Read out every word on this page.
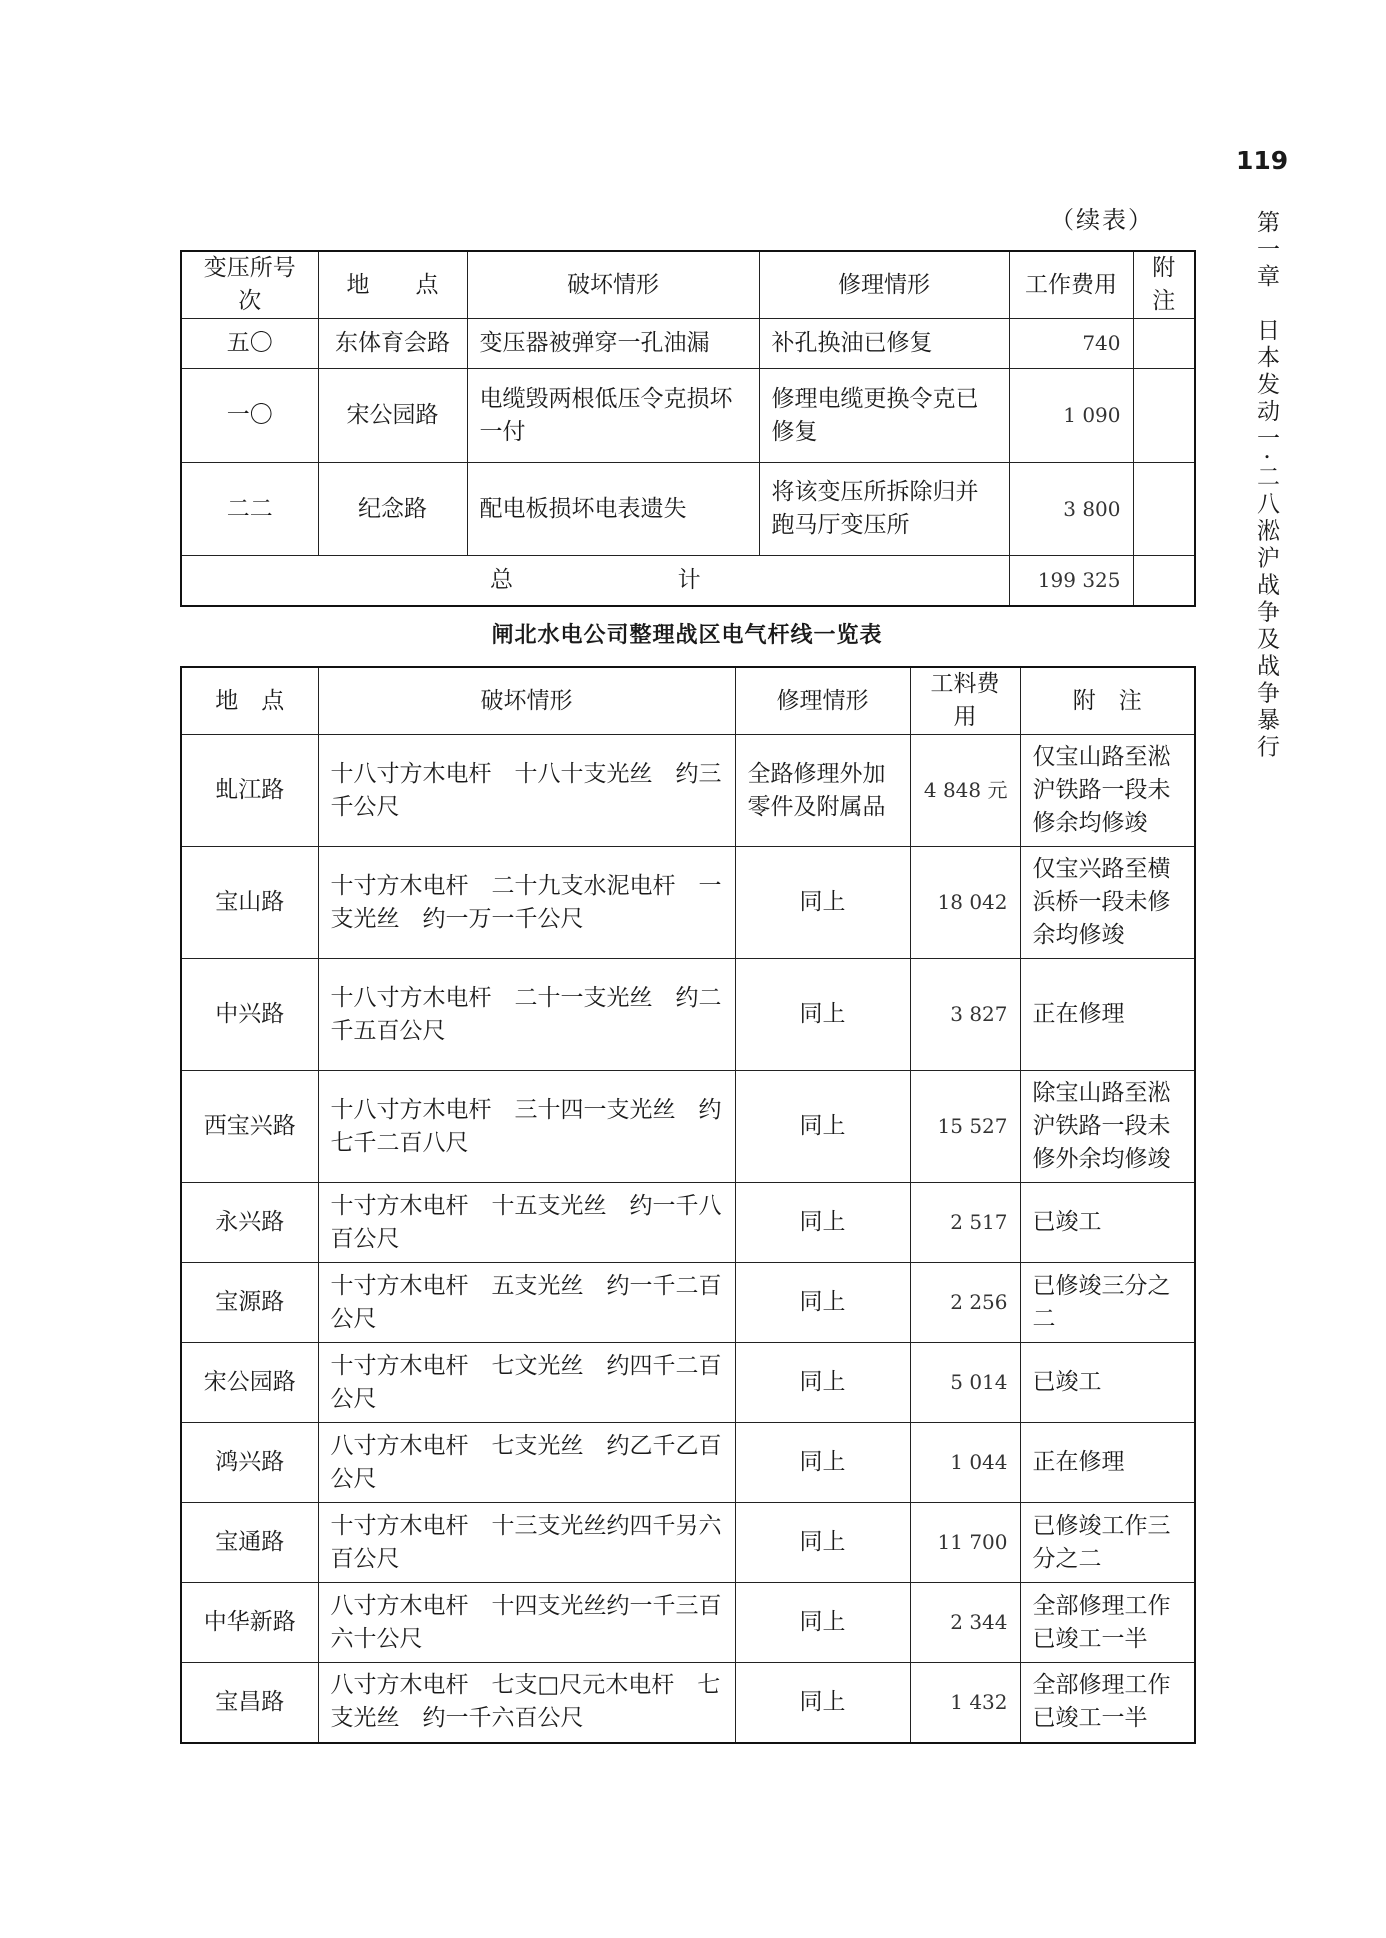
119
第一章　日本发动一·二八淞沪战争及战争暴行
（续表）
变压所号次	地　　点	破坏情形	修理情形	工作费用	附注
五〇	东体育会路	变压器被弹穿一孔油漏	补孔换油已修复	740	
一〇	宋公园路	电缆毁两根低压令克损坏一付	修理电缆更换令克已修复	1 090	
二二	纪念路	配电板损坏电表遗失	将该变压所拆除归并跑马厅变压所	3 800	
总 计				199 325	
闸北水电公司整理战区电气杆线一览表
地　点	破坏情形	修理情形	工料费用	附　注
虬江路	十八寸方木电杆　十八十支光丝　约三千公尺	全路修理外加零件及附属品	4 848 元	仅宝山路至淞沪铁路一段未修余均修竣
宝山路	十寸方木电杆　二十九支水泥电杆　一支光丝　约一万一千公尺	同上	18 042	仅宝兴路至横浜桥一段未修余均修竣
中兴路	十八寸方木电杆　二十一支光丝　约二千五百公尺	同上	3 827	正在修理
西宝兴路	十八寸方木电杆　三十四一支光丝　约七千二百八尺	同上	15 527	除宝山路至淞沪铁路一段未修外余均修竣
永兴路	十寸方木电杆　十五支光丝　约一千八百公尺	同上	2 517	已竣工
宝源路	十寸方木电杆　五支光丝　约一千二百公尺	同上	2 256	已修竣三分之二
宋公园路	十寸方木电杆　七文光丝　约四千二百公尺	同上	5 014	已竣工
鸿兴路	八寸方木电杆　七支光丝　约乙千乙百公尺	同上	1 044	正在修理
宝通路	十寸方木电杆　十三支光丝约四千另六百公尺	同上	11 700	已修竣工作三分之二
中华新路	八寸方木电杆　十四支光丝约一千三百六十公尺	同上	2 344	全部修理工作已竣工一半
宝昌路	八寸方木电杆　七支□尺元木电杆　七支光丝　约一千六百公尺	同上	1 432	全部修理工作已竣工一半
